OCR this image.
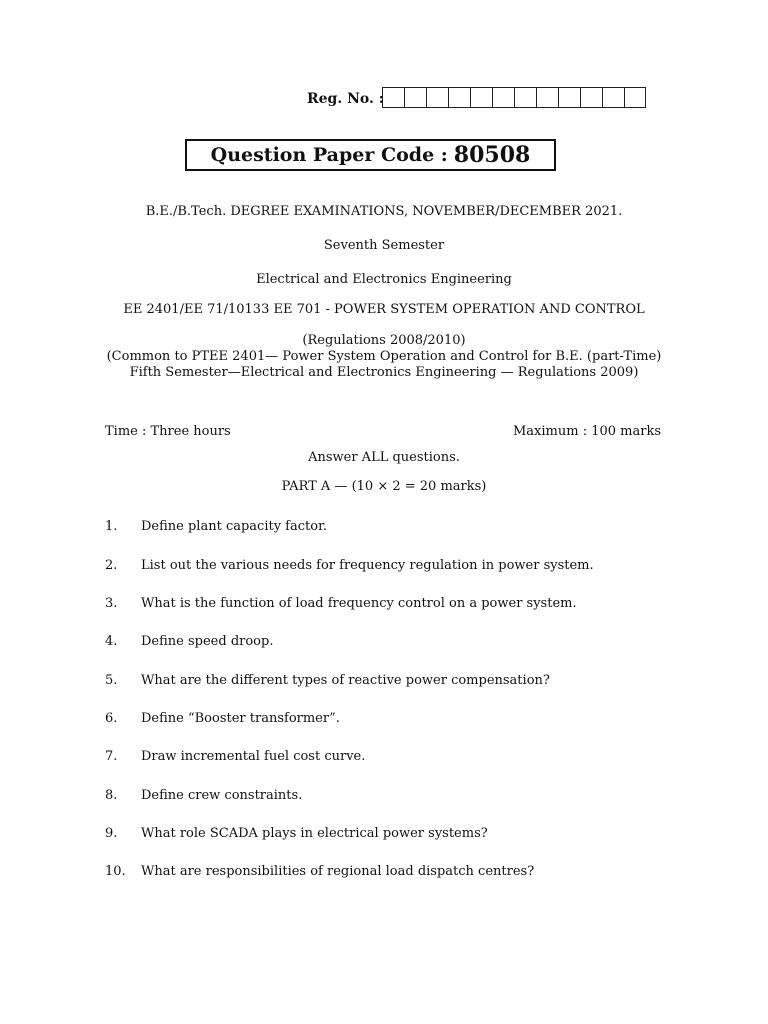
Reg. No. :
Question Paper Code : 80508
B.E./B.Tech. DEGREE EXAMINATIONS, NOVEMBER/DECEMBER 2021.
Seventh Semester
Electrical and Electronics Engineering
EE 2401/EE 71/10133 EE 701 - POWER SYSTEM OPERATION AND CONTROL
(Regulations 2008/2010)
(Common to PTEE 2401— Power System Operation and Control for B.E. (part-Time)
Fifth Semester—Electrical and Electronics Engineering — Regulations 2009)
Time : Three hours	Maximum : 100 marks
Answer ALL questions.
PART A — (10 × 2 = 20 marks)
1. Define plant capacity factor.
2. List out the various needs for frequency regulation in power system.
3. What is the function of load frequency control on a power system.
4. Define speed droop.
5. What are the different types of reactive power compensation?
6. Define “Booster transformer”.
7. Draw incremental fuel cost curve.
8. Define crew constraints.
9. What role SCADA plays in electrical power systems?
10. What are responsibilities of regional load dispatch centres?
